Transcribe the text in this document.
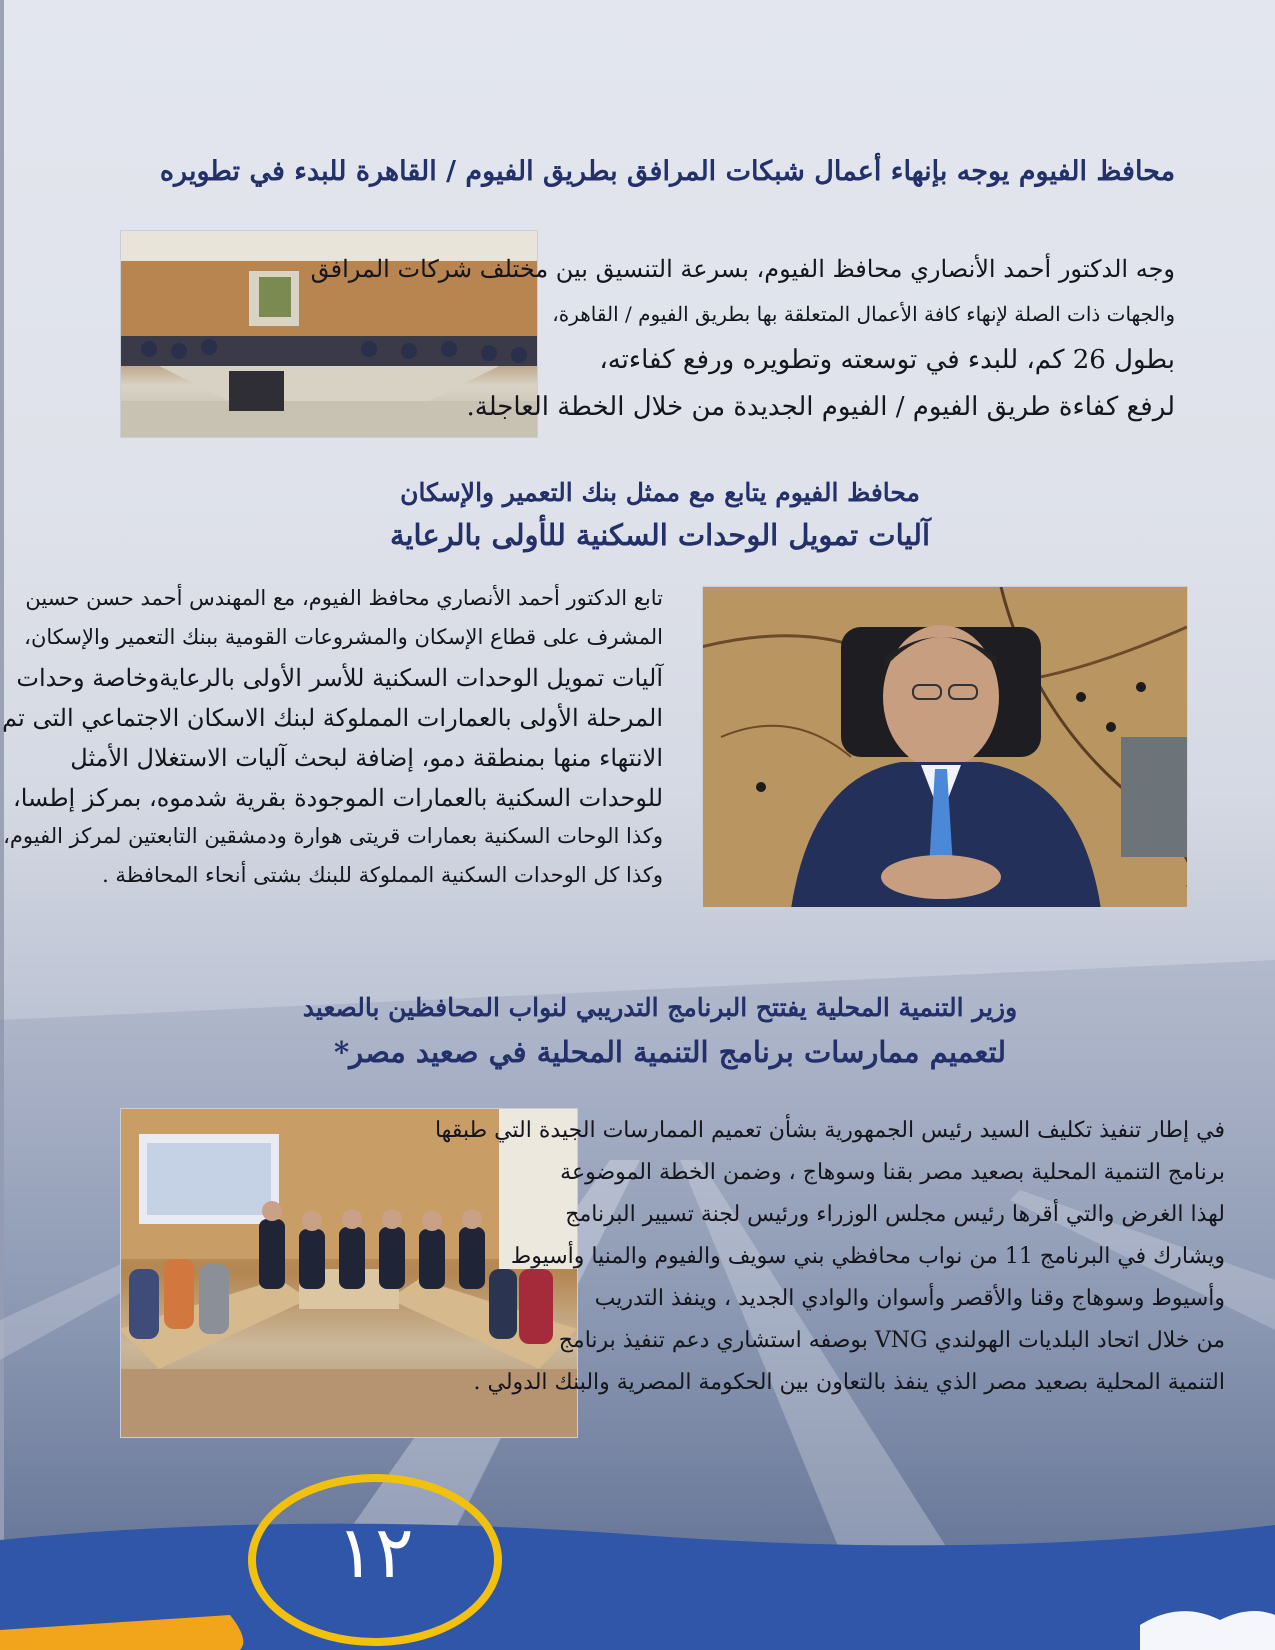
محافظ الفيوم يوجه بإنهاء أعمال شبكات المرافق بطريق الفيوم / القاهرة للبدء في تطويره

وجه الدكتور أحمد الأنصاري محافظ الفيوم، بسرعة التنسيق بين مختلف شركات المرافق

والجهات ذات الصلة لإنهاء كافة الأعمال المتعلقة بها بطريق الفيوم / القاهرة،

بطول 26 كم، للبدء في توسعته وتطويره ورفع كفاءته،

لرفع كفاءة طريق الفيوم / الفيوم الجديدة من خلال الخطة العاجلة.

محافظ الفيوم يتابع مع ممثل بنك التعمير والإسكان
آليات تمويل الوحدات السكنية للأولى بالرعاية

تابع الدكتور أحمد الأنصاري محافظ الفيوم، مع المهندس أحمد حسن حسين

المشرف على قطاع الإسكان والمشروعات القومية ببنك التعمير والإسكان،

آليات تمويل الوحدات السكنية للأسر الأولى بالرعايةوخاصة وحدات

المرحلة الأولى بالعمارات المملوكة لبنك الاسكان الاجتماعي التى تم

الانتهاء منها بمنطقة دمو، إضافة لبحث آليات الاستغلال الأمثل

للوحدات السكنية بالعمارات الموجودة بقرية شدموه، بمركز إطسا،

وكذا الوحات السكنية بعمارات قريتى هوارة ودمشقين التابعتين لمركز الفيوم،

وكذا كل الوحدات السكنية المملوكة للبنك بشتى أنحاء المحافظة .

وزير التنمية المحلية يفتتح البرنامج التدريبي لنواب المحافظين بالصعيد
لتعميم ممارسات برنامج التنمية المحلية في صعيد مصر*

في إطار تنفيذ تكليف السيد رئيس الجمهورية بشأن تعميم الممارسات الجيدة التي طبقها

برنامج التنمية المحلية بصعيد مصر بقنا وسوهاج ، وضمن الخطة الموضوعة

لهذا الغرض والتي أقرها رئيس مجلس الوزراء ورئيس لجنة تسيير البرنامج

ويشارك في البرنامج 11 من نواب محافظي بني سويف والفيوم والمنيا وأسيوط

وأسيوط وسوهاج وقنا والأقصر وأسوان والوادي الجديد ، وينفذ التدريب

من خلال اتحاد البلديات الهولندي VNG بوصفه استشاري دعم تنفيذ برنامج

التنمية المحلية بصعيد مصر الذي ينفذ بالتعاون بين الحكومة المصرية والبنك الدولي .

١٢
